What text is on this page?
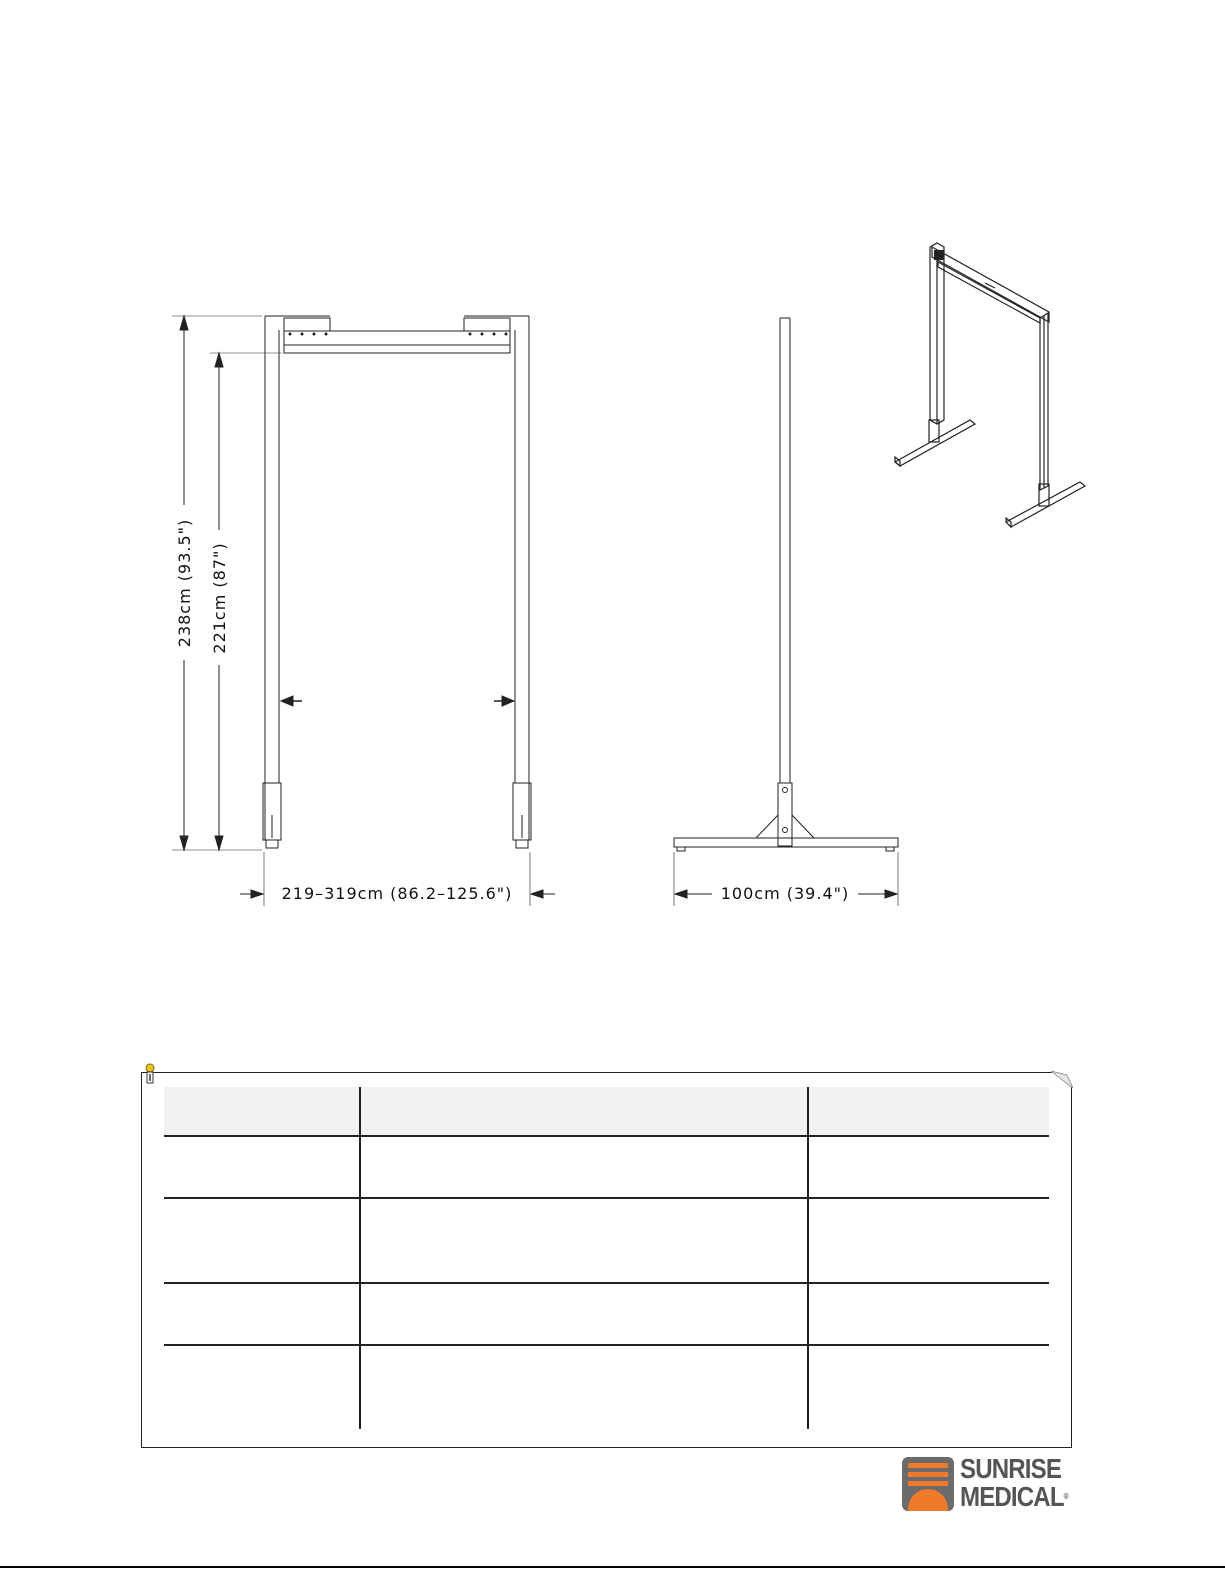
238cm (93.5") 221cm (87")
219–319cm (86.2–125.6")	100cm (39.4")

SUNRISE
MEDICAL®
